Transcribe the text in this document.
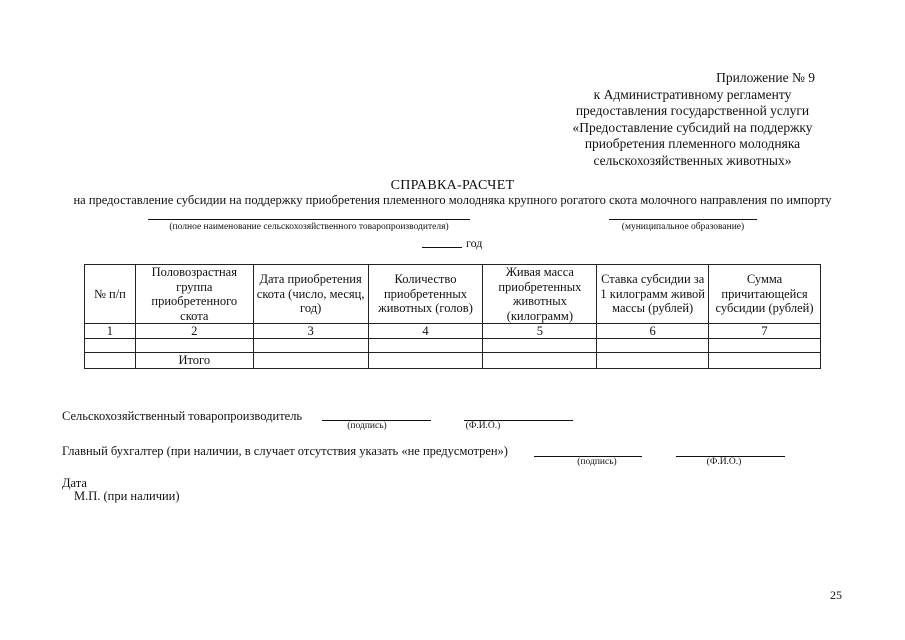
Приложение № 9
к Административному регламенту
предоставления государственной услуги
«Предоставление субсидий на поддержку
приобретения племенного молодняка
сельскохозяйственных животных»
СПРАВКА-РАСЧЕТ
на предоставление субсидии на поддержку приобретения племенного молодняка крупного рогатого скота молочного направления по импорту
(полное наименование сельскохозяйственного товаропроизводителя)	(муниципальное образование)
год
№ п/п	Половозрастная группа приобретенного скота	Дата приобретения скота (число, месяц, год)	Количество приобретенных животных (голов)	Живая масса приобретенных животных (килограмм)	Ставка субсидии за 1 килограмм живой массы (рублей)	Сумма причитающейся субсидии (рублей)
1	2	3	4	5	6	7

	Итого					
Сельскохозяйственный товаропроизводитель
(подпись)	(Ф.И.О.)
Главный бухгалтер (при наличии, в случает отсутствия указать «не предусмотрен»)
(подпись)	(Ф.И.О.)
Дата
М.П. (при наличии)
25
